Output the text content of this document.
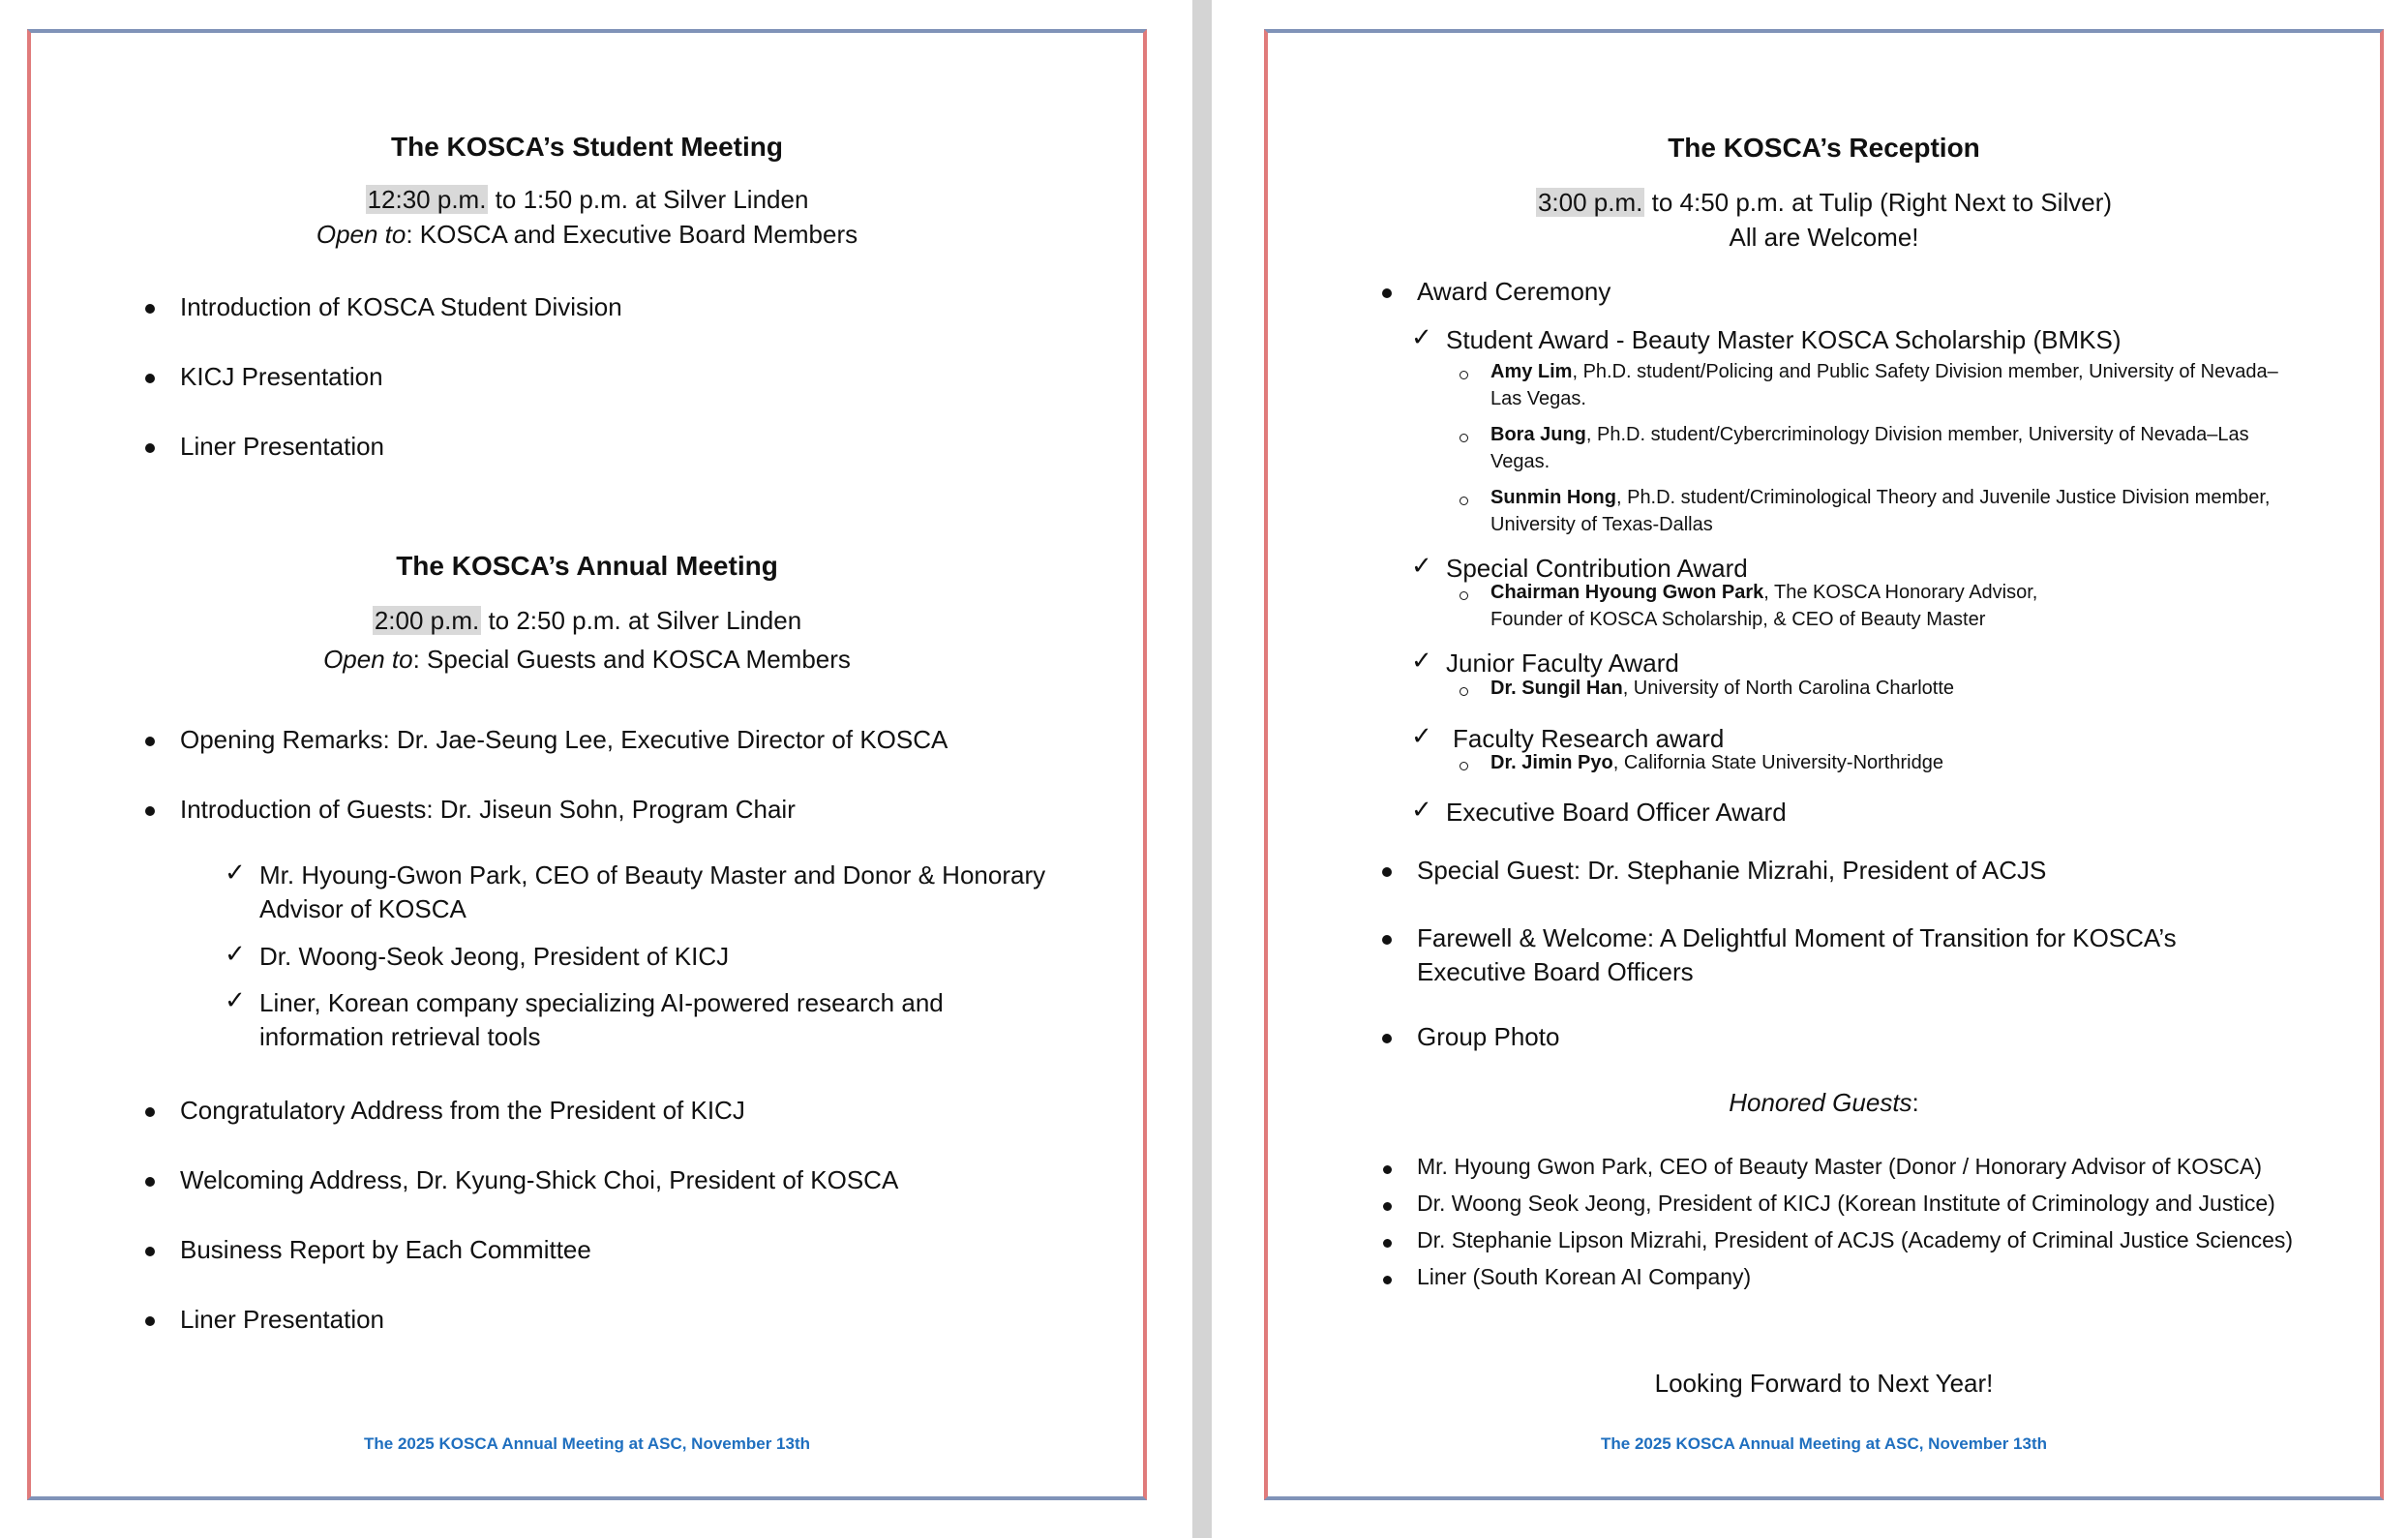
The KOSCA’s Student Meeting
12:30 p.m. to 1:50 p.m. at Silver Linden
Open to: KOSCA and Executive Board Members
Introduction of KOSCA Student Division
KICJ Presentation
Liner Presentation
The KOSCA’s Annual Meeting
2:00 p.m. to 2:50 p.m. at Silver Linden
Open to: Special Guests and KOSCA Members
Opening Remarks: Dr. Jae-Seung Lee, Executive Director of KOSCA
Introduction of Guests: Dr. Jiseun Sohn, Program Chair
✓ Mr. Hyoung-Gwon Park, CEO of Beauty Master and Donor & Honorary Advisor of KOSCA
✓ Dr. Woong-Seok Jeong, President of KICJ
✓ Liner, Korean company specializing AI-powered research and information retrieval tools
Congratulatory Address from the President of KICJ
Welcoming Address, Dr. Kyung-Shick Choi, President of KOSCA
Business Report by Each Committee
Liner Presentation
The 2025 KOSCA Annual Meeting at ASC, November 13th
The KOSCA’s Reception
3:00 p.m. to 4:50 p.m. at Tulip (Right Next to Silver)
All are Welcome!
Award Ceremony
✓ Student Award - Beauty Master KOSCA Scholarship (BMKS)
Amy Lim, Ph.D. student/Policing and Public Safety Division member, University of Nevada–
Las Vegas.
Bora Jung, Ph.D. student/Cybercriminology Division member, University of Nevada–Las
Vegas.
Sunmin Hong, Ph.D. student/Criminological Theory and Juvenile Justice Division member,
University of Texas-Dallas
✓ Special Contribution Award
Chairman Hyoung Gwon Park, The KOSCA Honorary Advisor,
Founder of KOSCA Scholarship, & CEO of Beauty Master
✓ Junior Faculty Award
Dr. Sungil Han, University of North Carolina Charlotte
✓ Faculty Research award
Dr. Jimin Pyo, California State University-Northridge
✓ Executive Board Officer Award
Special Guest: Dr. Stephanie Mizrahi, President of ACJS
Farewell & Welcome: A Delightful Moment of Transition for KOSCA’s
Executive Board Officers
Group Photo
Honored Guests:
Mr. Hyoung Gwon Park, CEO of Beauty Master (Donor / Honorary Advisor of KOSCA)
Dr. Woong Seok Jeong, President of KICJ (Korean Institute of Criminology and Justice)
Dr. Stephanie Lipson Mizrahi, President of ACJS (Academy of Criminal Justice Sciences)
Liner (South Korean AI Company)
Looking Forward to Next Year!
The 2025 KOSCA Annual Meeting at ASC, November 13th
